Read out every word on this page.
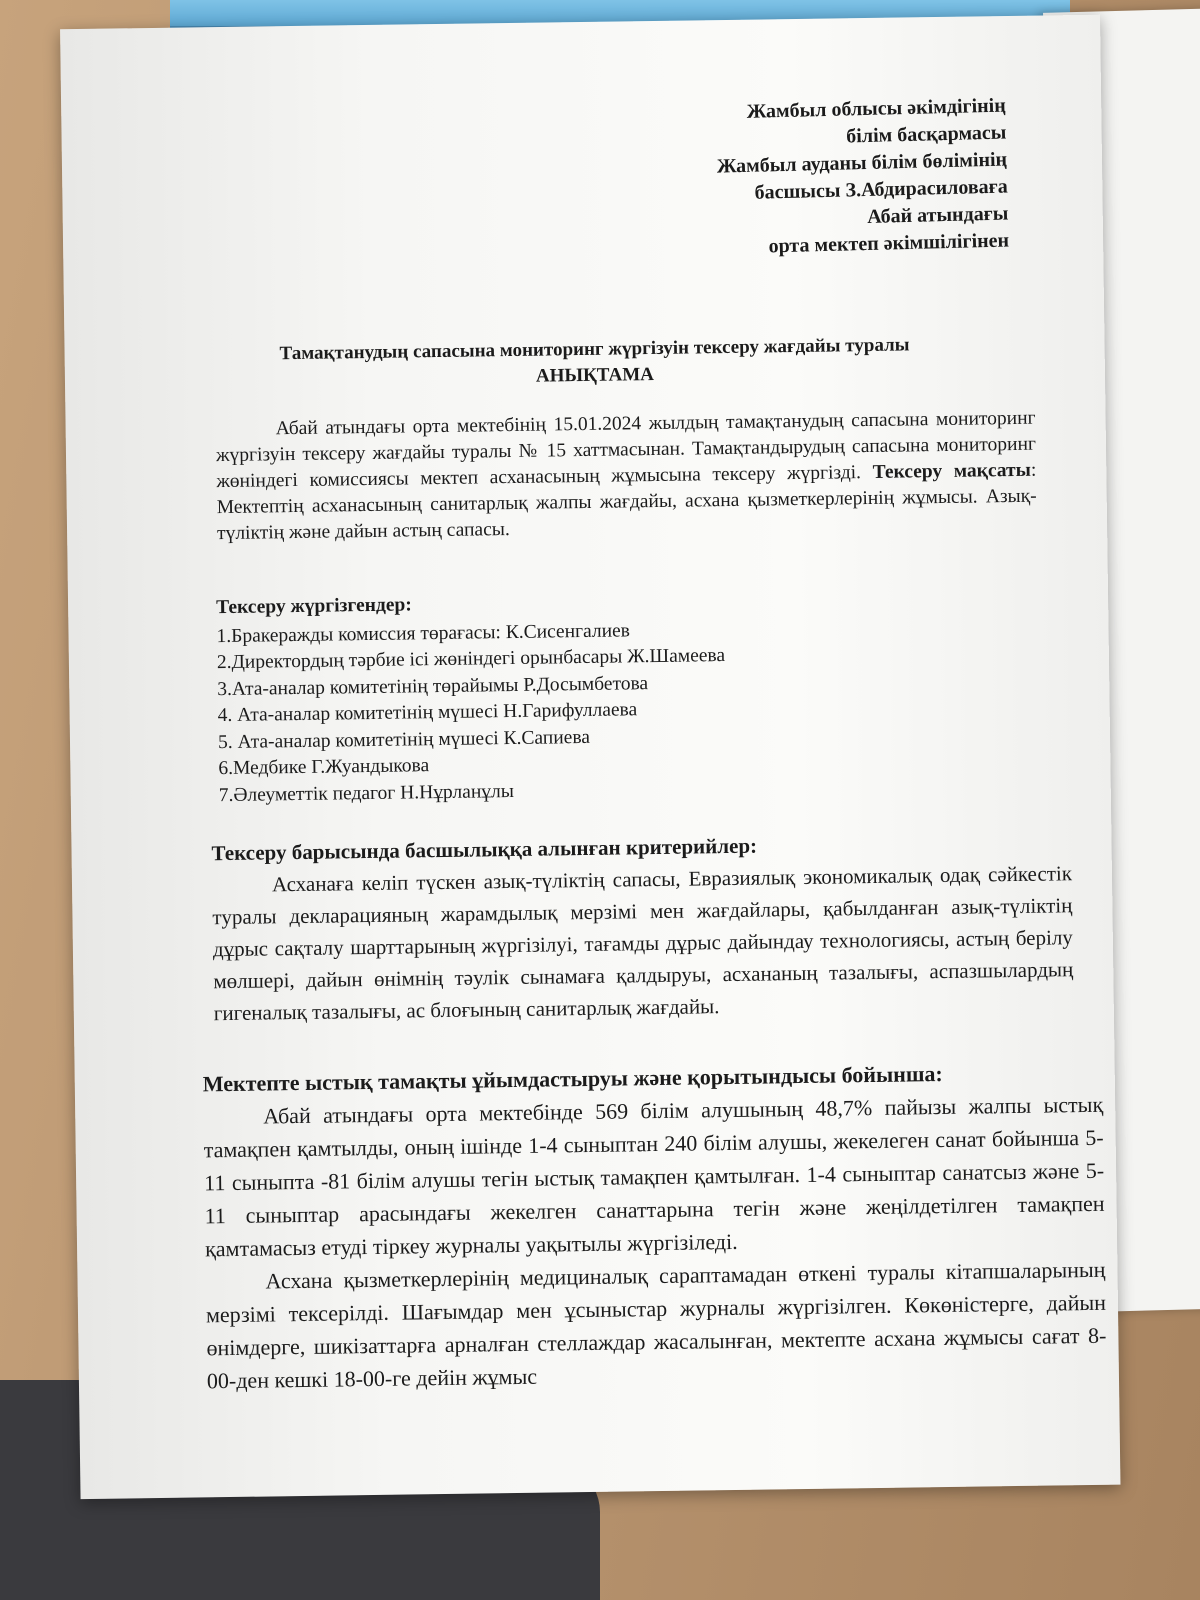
Жамбыл облысы әкімдігінің
білім басқармасы
Жамбыл ауданы білім бөлімінің
басшысы З.Абдирасиловаға
Абай атындағы
орта мектеп әкімшілігінен
Тамақтанудың сапасына мониторинг жүргізуін тексеру жағдайы туралы
АНЫҚТАМА

Абай атындағы орта мектебінің 15.01.2024 жылдың тамақтанудың сапасына мониторинг жүргізуін тексеру жағдайы туралы № 15 хаттмасынан. Тамақтандырудың сапасына мониторинг жөніндегі комиссиясы мектеп асханасының жұмысына тексеру жүргізді. Тексеру мақсаты: Мектептің асханасының санитарлық жалпы жағдайы, асхана қызметкерлерінің жұмысы. Азық-түліктің және дайын астың сапасы.

Тексеру жүргізгендер:
1.Бракеражды комиссия төрағасы: К.Сисенгалиев
2.Директордың тәрбие ісі жөніндегі орынбасары Ж.Шамеева
3.Ата-аналар комитетінің төрайымы Р.Досымбетова
4. Ата-аналар комитетінің мүшесі Н.Гарифуллаева
5. Ата-аналар комитетінің мүшесі К.Сапиева
6.Медбике Г.Жуандыкова
7.Әлеуметтік педагог Н.Нұрланұлы
Тексеру барысында басшылыққа алынған критерийлер:

Асханаға келіп түскен азық-түліктің сапасы, Евразиялық экономикалық одақ сәйкестік туралы декларацияның жарамдылық мерзімі мен жағдайлары, қабылданған азық-түліктің дұрыс сақталу шарттарының жүргізілуі, тағамды дұрыс дайындау технологиясы, астың берілу мөлшері, дайын өнімнің тәулік сынамаға қалдыруы, асхананың тазалығы, аспазшылардың гигеналық тазалығы, ас блоғының санитарлық жағдайы.

Мектепте ыстық тамақты ұйымдастыруы және қорытындысы бойынша:

Абай атындағы орта мектебінде 569 білім алушының 48,7% пайызы жалпы ыстық тамақпен қамтылды, оның ішінде 1-4 сыныптан 240 білім алушы, жекелеген санат бойынша 5-11 сыныпта -81 білім алушы тегін ыстық тамақпен қамтылған. 1-4 сыныптар санатсыз және 5-11 сыныптар арасындағы жекелген санаттарына тегін және жеңілдетілген тамақпен қамтамасыз етуді тіркеу журналы уақытылы жүргізіледі.

Асхана қызметкерлерінің медициналық сараптамадан өткені туралы кітапшаларының мерзімі тексерілді. Шағымдар мен ұсыныстар журналы жүргізілген. Көкөністерге, дайын өнімдерге, шикізаттарға арналған стеллаждар жасалынған, мектепте асхана жұмысы сағат 8-00-ден кешкі 18-00-ге дейін жұмыс
